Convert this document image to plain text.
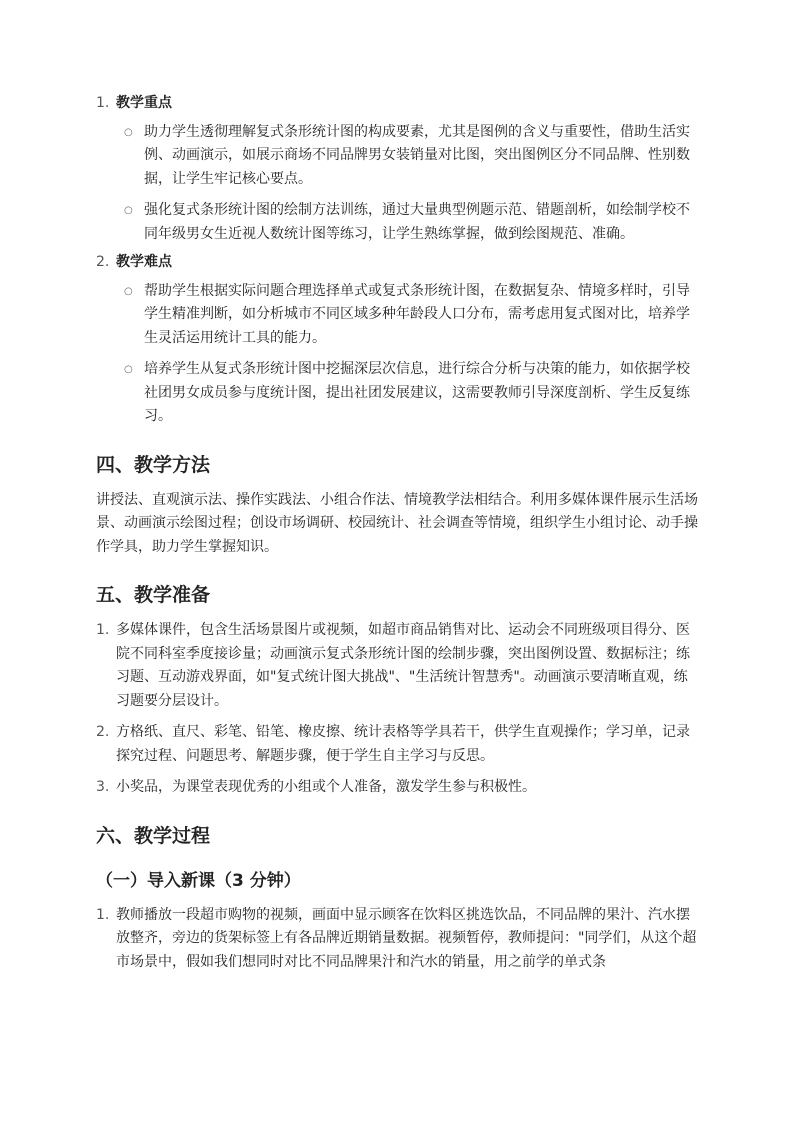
1. 教学重点
○ 助力学生透彻理解复式条形统计图的构成要素，尤其是图例的含义与重要性，借助生活实例、动画演示，如展示商场不同品牌男女装销量对比图，突出图例区分不同品牌、性别数据，让学生牢记核心要点。
○ 强化复式条形统计图的绘制方法训练，通过大量典型例题示范、错题剖析，如绘制学校不同年级男女生近视人数统计图等练习，让学生熟练掌握，做到绘图规范、准确。
2. 教学难点
○ 帮助学生根据实际问题合理选择单式或复式条形统计图，在数据复杂、情境多样时，引导学生精准判断，如分析城市不同区域多种年龄段人口分布，需考虑用复式图对比，培养学生灵活运用统计工具的能力。
○ 培养学生从复式条形统计图中挖掘深层次信息，进行综合分析与决策的能力，如依据学校社团男女成员参与度统计图，提出社团发展建议，这需要教师引导深度剖析、学生反复练习。
四、教学方法

讲授法、直观演示法、操作实践法、小组合作法、情境教学法相结合。利用多媒体课件展示生活场景、动画演示绘图过程；创设市场调研、校园统计、社会调查等情境，组织学生小组讨论、动手操作学具，助力学生掌握知识。

五、教学准备
1. 多媒体课件，包含生活场景图片或视频，如超市商品销售对比、运动会不同班级项目得分、医院不同科室季度接诊量；动画演示复式条形统计图的绘制步骤，突出图例设置、数据标注；练习题、互动游戏界面，如"复式统计图大挑战"、"生活统计智慧秀"。动画演示要清晰直观，练习题要分层设计。
2. 方格纸、直尺、彩笔、铅笔、橡皮擦、统计表格等学具若干，供学生直观操作；学习单，记录探究过程、问题思考、解题步骤，便于学生自主学习与反思。
3. 小奖品，为课堂表现优秀的小组或个人准备，激发学生参与积极性。
六、教学过程
（一）导入新课（3 分钟）
1. 教师播放一段超市购物的视频，画面中显示顾客在饮料区挑选饮品，不同品牌的果汁、汽水摆放整齐，旁边的货架标签上有各品牌近期销量数据。视频暂停，教师提问："同学们，从这个超市场景中，假如我们想同时对比不同品牌果汁和汽水的销量，用之前学的单式条
